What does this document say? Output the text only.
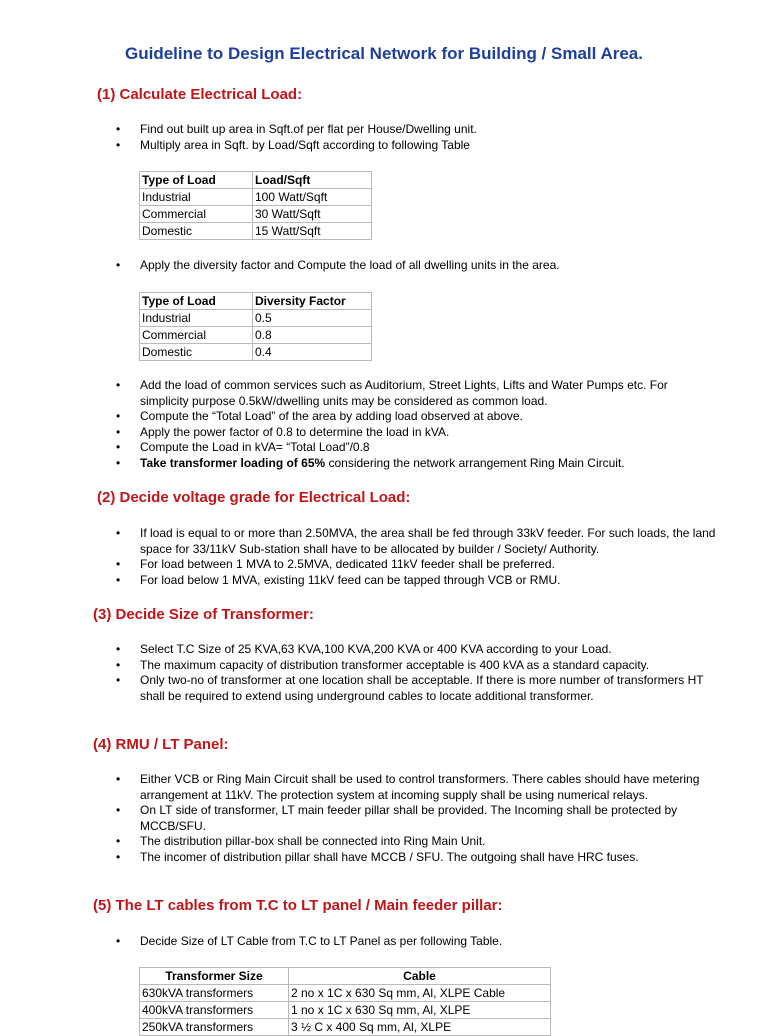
Guideline to Design Electrical Network for Building / Small Area.
(1) Calculate Electrical Load:
• Find out built up area in Sqft.of per flat per House/Dwelling unit.
• Multiply area in Sqft. by Load/Sqft according to following Table
Type of Load	Load/Sqft
Industrial	100 Watt/Sqft
Commercial	30 Watt/Sqft
Domestic	15 Watt/Sqft
• Apply the diversity factor and Compute the load of all dwelling units in the area.
Type of Load	Diversity Factor
Industrial	0.5
Commercial	0.8
Domestic	0.4
• Add the load of common services such as Auditorium, Street Lights, Lifts and Water Pumps etc. For simplicity purpose 0.5kW/dwelling units may be considered as common load.
• Compute the “Total Load” of the area by adding load observed at above.
• Apply the power factor of 0.8 to determine the load in kVA.
• Compute the Load in kVA= “Total Load”/0.8
• Take transformer loading of 65% considering the network arrangement Ring Main Circuit.
(2) Decide voltage grade for Electrical Load:
• If load is equal to or more than 2.50MVA, the area shall be fed through 33kV feeder. For such loads, the land space for 33/11kV Sub-station shall have to be allocated by builder / Society/ Authority.
• For load between 1 MVA to 2.5MVA, dedicated 11kV feeder shall be preferred.
• For load below 1 MVA, existing 11kV feed can be tapped through VCB or RMU.
(3) Decide Size of Transformer:
• Select T.C Size of 25 KVA,63 KVA,100 KVA,200 KVA or 400 KVA according to your Load.
• The maximum capacity of distribution transformer acceptable is 400 kVA as a standard capacity.
• Only two-no of transformer at one location shall be acceptable. If there is more number of transformers HT shall be required to extend using underground cables to locate additional transformer.
(4) RMU / LT Panel:
• Either VCB or Ring Main Circuit shall be used to control transformers. There cables should have metering arrangement at 11kV. The protection system at incoming supply shall be using numerical relays.
• On LT side of transformer, LT main feeder pillar shall be provided. The Incoming shall be protected by MCCB/SFU.
• The distribution pillar-box shall be connected into Ring Main Unit.
• The incomer of distribution pillar shall have MCCB / SFU. The outgoing shall have HRC fuses.
(5) The LT cables from T.C to LT panel / Main feeder pillar:
• Decide Size of LT Cable from T.C to LT Panel as per following Table.
Transformer Size	Cable
630kVA transformers	2 no x 1C x 630 Sq mm, Al, XLPE Cable
400kVA transformers	1 no x 1C x 630 Sq mm, Al, XLPE
250kVA transformers	3 ½ C x 400 Sq mm, Al, XLPE
